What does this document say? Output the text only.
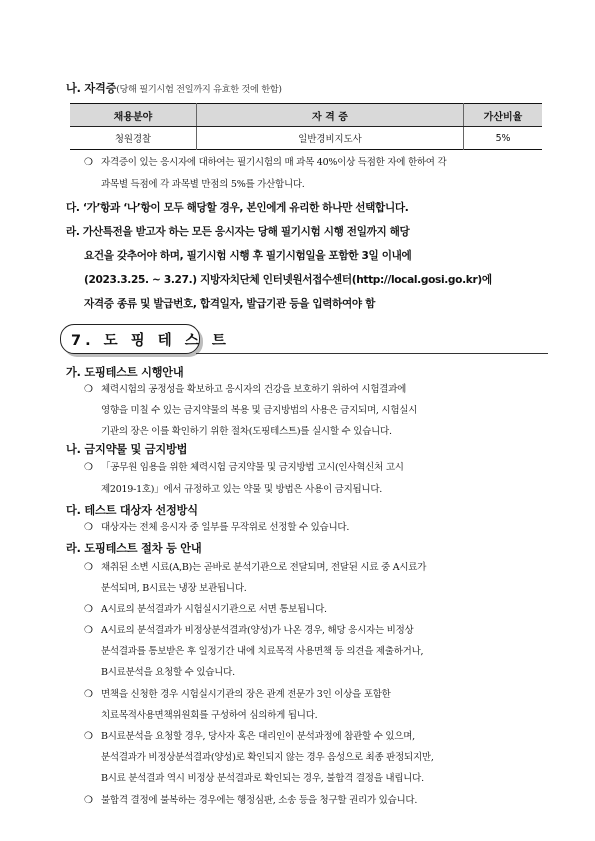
나. 자격증(당해 필기시험 전일까지 유효한 것에 한함)
채용분야	자 격 증	가산비율
청원경찰	일반경비지도사	5%
❍ 자격증이 있는 응시자에 대하여는 필기시험의 매 과목 40%이상 득점한 자에 한하여 각
과목별 득점에 각 과목별 만점의 5%를 가산합니다.
다. ‘가’항과 ‘나’항이 모두 해당할 경우, 본인에게 유리한 하나만 선택합니다.
라. 가산특전을 받고자 하는 모든 응시자는 당해 필기시험 시행 전일까지 해당
요건을 갖추어야 하며, 필기시험 시행 후 필기시험일을 포함한 3일 이내에
(2023.3.25. ~ 3.27.) 지방자치단체 인터넷원서접수센터(http://local.gosi.go.kr)에
자격증 종류 및 발급번호, 합격일자, 발급기관 등을 입력하여야 함
7. 도 핑 테 스 트
가. 도핑테스트 시행안내
❍ 체력시험의 공정성을 확보하고 응시자의 건강을 보호하기 위하여 시험결과에
영향을 미칠 수 있는 금지약물의 복용 및 금지방법의 사용은 금지되며, 시험실시
기관의 장은 이를 확인하기 위한 절차(도핑테스트)를 실시할 수 있습니다.
나. 금지약물 및 금지방법
❍ 「공무원 임용을 위한 체력시험 금지약물 및 금지방법 고시(인사혁신처 고시
제2019-1호)」에서 규정하고 있는 약물 및 방법은 사용이 금지됩니다.
다. 테스트 대상자 선정방식
❍ 대상자는 전체 응시자 중 일부를 무작위로 선정할 수 있습니다.
라. 도핑테스트 절차 등 안내
❍ 채취된 소변 시료(A,B)는 곧바로 분석기관으로 전달되며, 전달된 시료 중 A시료가
분석되며, B시료는 냉장 보관됩니다.
❍ A시료의 분석결과가 시험실시기관으로 서면 통보됩니다.
❍ A시료의 분석결과가 비정상분석결과(양성)가 나온 경우, 해당 응시자는 비정상
분석결과를 통보받은 후 일정기간 내에 치료목적 사용면책 등 의견을 제출하거나,
B시료분석을 요청할 수 있습니다.
❍ 면책을 신청한 경우 시험실시기관의 장은 관계 전문가 3인 이상을 포함한
치료목적사용면책위원회를 구성하여 심의하게 됩니다.
❍ B시료분석을 요청할 경우, 당사자 혹은 대리인이 분석과정에 참관할 수 있으며,
분석결과가 비정상분석결과(양성)로 확인되지 않는 경우 음성으로 최종 판정되지만,
B시료 분석결과 역시 비정상 분석결과로 확인되는 경우, 불합격 결정을 내립니다.
❍ 불합격 결정에 불복하는 경우에는 행정심판, 소송 등을 청구할 권리가 있습니다.
